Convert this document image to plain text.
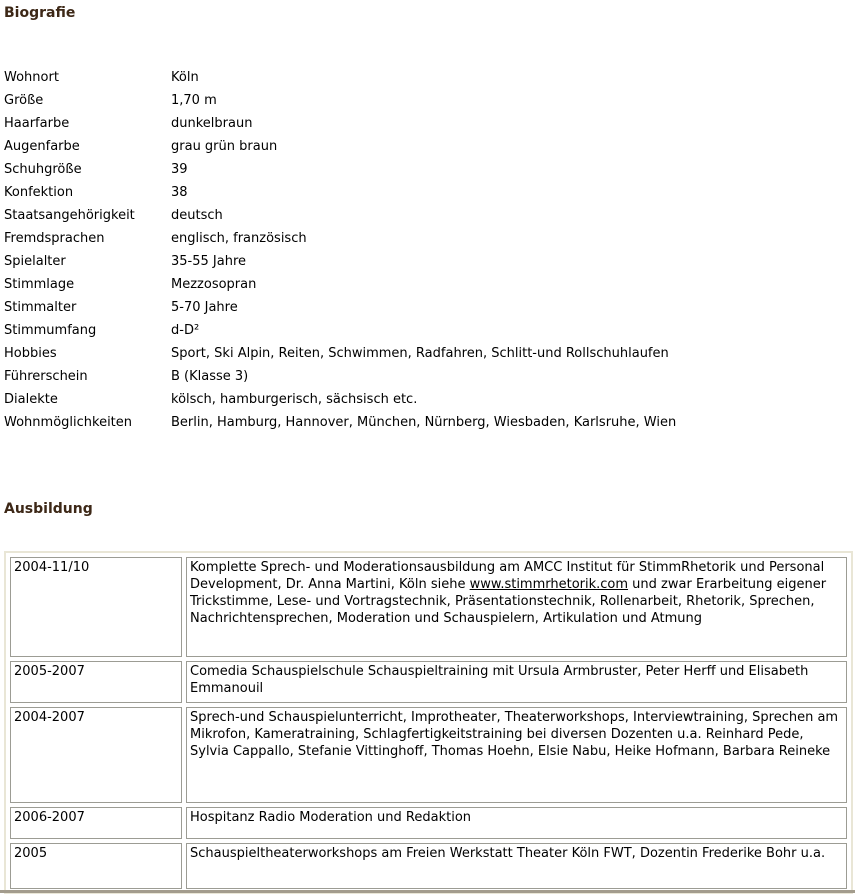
Biografie
Wohnort	Köln
Größe	1,70 m
Haarfarbe	dunkelbraun
Augenfarbe	grau grün braun
Schuhgröße	39
Konfektion	38
Staatsangehörigkeit	deutsch
Fremdsprachen	englisch, französisch
Spielalter	35-55 Jahre
Stimmlage	Mezzosopran
Stimmalter	5-70 Jahre
Stimmumfang	d-D²
Hobbies	Sport, Ski Alpin, Reiten, Schwimmen, Radfahren, Schlitt-und Rollschuhlaufen
Führerschein	B (Klasse 3)
Dialekte	kölsch, hamburgerisch, sächsisch etc.
Wohnmöglichkeiten	Berlin, Hamburg, Hannover, München, Nürnberg, Wiesbaden, Karlsruhe, Wien
Ausbildung
2004-11/10	Komplette Sprech- und Moderationsausbildung am AMCC Institut für StimmRhetorik und Personal Development, Dr. Anna Martini, Köln siehe www.stimmrhetorik.com und zwar Erarbeitung eigener Trickstimme, Lese- und Vortragstechnik, Präsentationstechnik, Rollenarbeit, Rhetorik, Sprechen, Nachrichtensprechen, Moderation und Schauspielern, Artikulation und Atmung
2005-2007	Comedia Schauspielschule Schauspieltraining mit Ursula Armbruster, Peter Herff und Elisabeth Emmanouil
2004-2007	Sprech-und Schauspielunterricht, Improtheater, Theaterworkshops, Interviewtraining, Sprechen am Mikrofon, Kameratraining, Schlagfertigkeitstraining bei diversen Dozenten u.a. Reinhard Pede, Sylvia Cappallo, Stefanie Vittinghoff, Thomas Hoehn, Elsie Nabu, Heike Hofmann, Barbara Reineke
2006-2007	Hospitanz Radio Moderation und Redaktion
2005	Schauspieltheaterworkshops am Freien Werkstatt Theater Köln FWT, Dozentin Frederike Bohr u.a.
